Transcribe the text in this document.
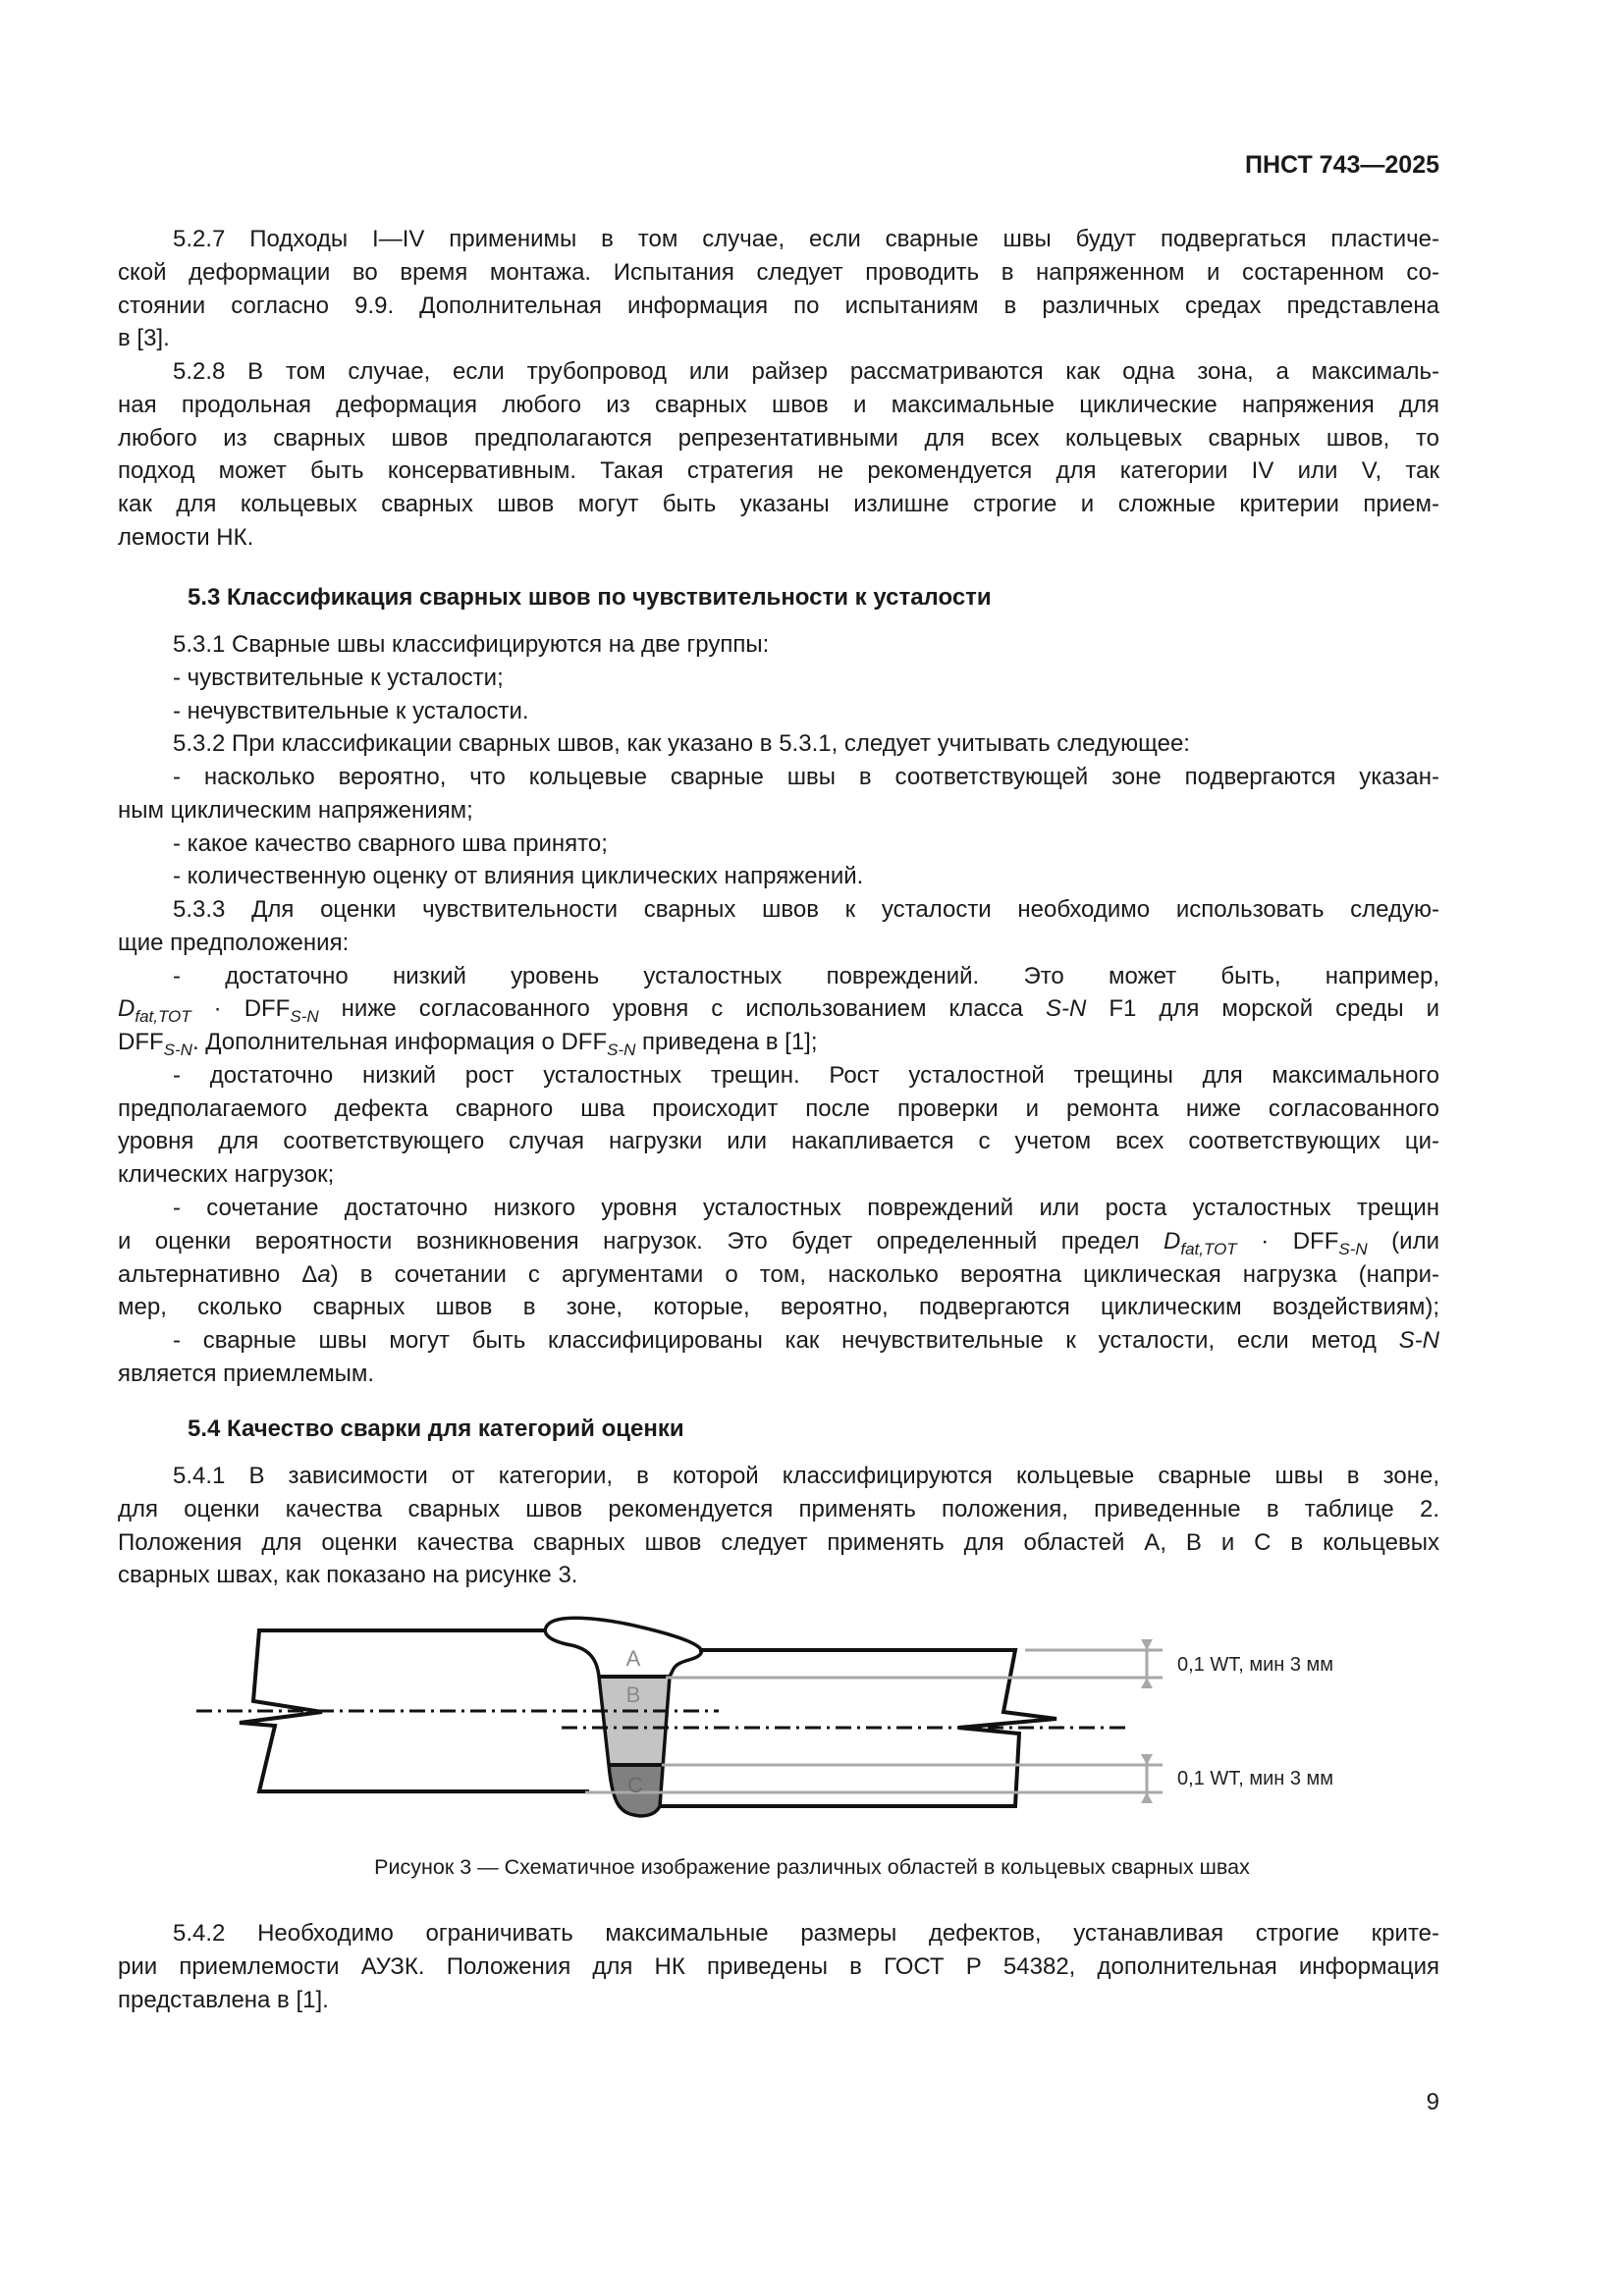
ПНСТ 743—2025
5.2.7 Подходы I—IV применимы в том случае, если сварные швы будут подвергаться пластиче-
ской деформации во время монтажа. Испытания следует проводить в напряженном и состаренном со-
стоянии согласно 9.9. Дополнительная информация по испытаниям в различных средах представлена
в [3].
5.2.8 В том случае, если трубопровод или райзер рассматриваются как одна зона, а максималь-
ная продольная деформация любого из сварных швов и максимальные циклические напряжения для
любого из сварных швов предполагаются репрезентативными для всех кольцевых сварных швов, то
подход может быть консервативным. Такая стратегия не рекомендуется для категории IV или V, так
как для кольцевых сварных швов могут быть указаны излишне строгие и сложные критерии прием-
лемости НК.
5.3 Классификация сварных швов по чувствительности к усталости
5.3.1 Сварные швы классифицируются на две группы:
- чувствительные к усталости;
- нечувствительные к усталости.
5.3.2 При классификации сварных швов, как указано в 5.3.1, следует учитывать следующее:
- насколько вероятно, что кольцевые сварные швы в соответствующей зоне подвергаются указан-
ным циклическим напряжениям;
- какое качество сварного шва принято;
- количественную оценку от влияния циклических напряжений.
5.3.3 Для оценки чувствительности сварных швов к усталости необходимо использовать следую-
щие предположения:
- достаточно низкий уровень усталостных повреждений. Это может быть, например,
$D_{fat,TOT} \cdot DFF_{S-N}$ ниже согласованного уровня с использованием класса S-N F1 для морской среды и
$DFF_{S-N}$. Дополнительная информация о $DFF_{S-N}$ приведена в [1];
- достаточно низкий рост усталостных трещин. Рост усталостной трещины для максимального
предполагаемого дефекта сварного шва происходит после проверки и ремонта ниже согласованного
уровня для соответствующего случая нагрузки или накапливается с учетом всех соответствующих ци-
клических нагрузок;
- сочетание достаточно низкого уровня усталостных повреждений или роста усталостных трещин
и оценки вероятности возникновения нагрузок. Это будет определенный предел $D_{fat,TOT} \cdot DFF_{S-N}$ (или
альтернативно Δa) в сочетании с аргументами о том, насколько вероятна циклическая нагрузка (напри-
мер, сколько сварных швов в зоне, которые, вероятно, подвергаются циклическим воздействиям);
- сварные швы могут быть классифицированы как нечувствительные к усталости, если метод S-N
является приемлемым.
5.4 Качество сварки для категорий оценки
5.4.1 В зависимости от категории, в которой классифицируются кольцевые сварные швы в зоне,
для оценки качества сварных швов рекомендуется применять положения, приведенные в таблице 2.
Положения для оценки качества сварных швов следует применять для областей А, В и С в кольцевых
сварных швах, как показано на рисунке 3.
A
B
C
0,1 WT, мин 3 мм
0,1 WT, мин 3 мм
Рисунок 3 — Схематичное изображение различных областей в кольцевых сварных швах
5.4.2 Необходимо ограничивать максимальные размеры дефектов, устанавливая строгие крите-
рии приемлемости АУЗК. Положения для НК приведены в ГОСТ Р 54382, дополнительная информация
представлена в [1].
9
